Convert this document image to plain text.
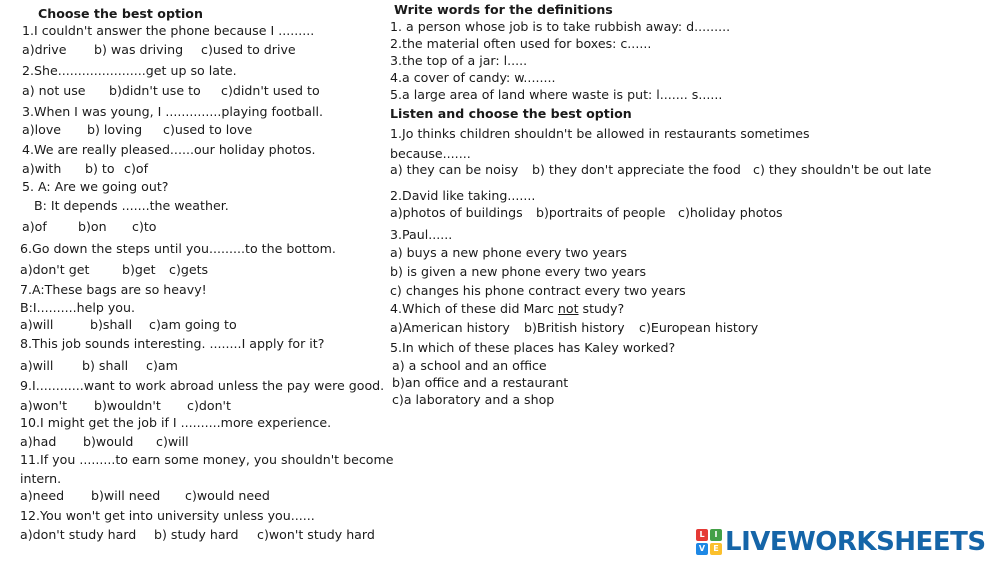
Choose the best option
1.I couldn't answer the phone because I .........
a)drive b) was driving c)used to drive
2.She......................get up so late.
a) not use b)didn't use to c)didn't used to
3.When I was young, I ..............playing football.
a)love b) loving c)used to love
4.We are really pleased......our holiday photos.
a)with b) to c)of
5. A: Are we going out?
B: It depends .......the weather.
a)of b)on c)to
6.Go down the steps until you.........to the bottom.
a)don't get	b)get c)gets
7.A:These bags are so heavy!
B:I..........help you.
a)will	b)shall c)am going to
8.This job sounds interesting. ........I apply for it?
a)will b) shall c)am
9.I............want to work abroad unless the pay were good.
a)won't b)wouldn't c)don't
10.I might get the job if I ..........more experience.
a)had b)would c)will
11.If you .........to earn some money, you shouldn't become
intern.
a)need b)will need c)would need
12.You won't get into university unless you......
a)don't study hard b) study hard c)won't study hard
Write words for the definitions
1. a person whose job is to take rubbish away: d.........
2.the material often used for boxes: c......
3.the top of a jar: l.....
4.a cover of candy: w........
5.a large area of land where waste is put: l....... s......
Listen and choose the best option
1.Jo thinks children shouldn't be allowed in restaurants sometimes
because.......
a) they can be noisy b) they don't appreciate the food c) they shouldn't be out late
2.David like taking.......
a)photos of buildings b)portraits of people c)holiday photos
3.Paul......
a) buys a new phone every two years
b) is given a new phone every two years
c) changes his phone contract every two years
4.Which of these did Marc not study?
a)American history b)British history c)European history
5.In which of these places has Kaley worked?
a) a school and an office
b)an office and a restaurant
c)a laboratory and a shop
L	I
V	E LIVEWORKSHEETS
